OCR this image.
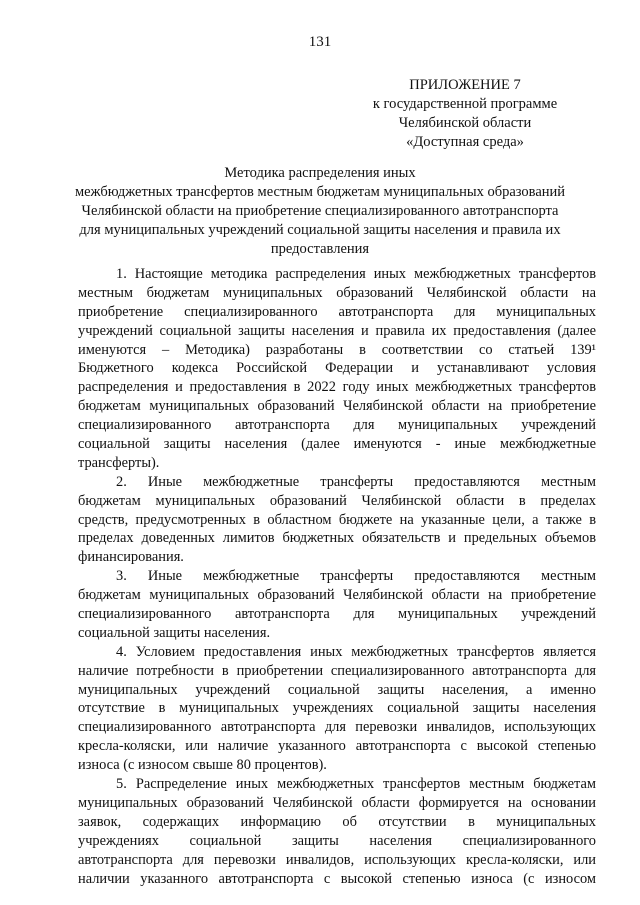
131
ПРИЛОЖЕНИЕ 7
к государственной программе
Челябинской области
«Доступная среда»
Методика распределения иных
межбюджетных трансфертов местным бюджетам муниципальных образований
Челябинской области на приобретение специализированного автотранспорта
для муниципальных учреждений социальной защиты населения и правила их
предоставления
1. Настоящие методика распределения иных межбюджетных трансфертов
местным бюджетам муниципальных образований Челябинской области на
приобретение специализированного автотранспорта для муниципальных
учреждений социальной защиты населения и правила их предоставления (далее
именуются – Методика) разработаны в соответствии со статьей 139¹
Бюджетного кодекса Российской Федерации и устанавливают условия
распределения и предоставления в 2022 году иных межбюджетных трансфертов
бюджетам муниципальных образований Челябинской области на приобретение
специализированного автотранспорта для муниципальных учреждений
социальной защиты населения (далее именуются - иные межбюджетные
трансферты).
2. Иные межбюджетные трансферты предоставляются местным
бюджетам муниципальных образований Челябинской области в пределах
средств, предусмотренных в областном бюджете на указанные цели, а также в
пределах доведенных лимитов бюджетных обязательств и предельных объемов
финансирования.
3. Иные межбюджетные трансферты предоставляются местным
бюджетам муниципальных образований Челябинской области на приобретение
специализированного автотранспорта для муниципальных учреждений
социальной защиты населения.
4. Условием предоставления иных межбюджетных трансфертов является
наличие потребности в приобретении специализированного автотранспорта для
муниципальных учреждений социальной защиты населения, а именно
отсутствие в муниципальных учреждениях социальной защиты населения
специализированного автотранспорта для перевозки инвалидов, использующих
кресла-коляски, или наличие указанного автотранспорта с высокой степенью
износа (с износом свыше 80 процентов).
5. Распределение иных межбюджетных трансфертов местным бюджетам
муниципальных образований Челябинской области формируется на основании
заявок, содержащих информацию об отсутствии в муниципальных
учреждениях социальной защиты населения специализированного
автотранспорта для перевозки инвалидов, использующих кресла-коляски, или
наличии указанного автотранспорта с высокой степенью износа (с износом
